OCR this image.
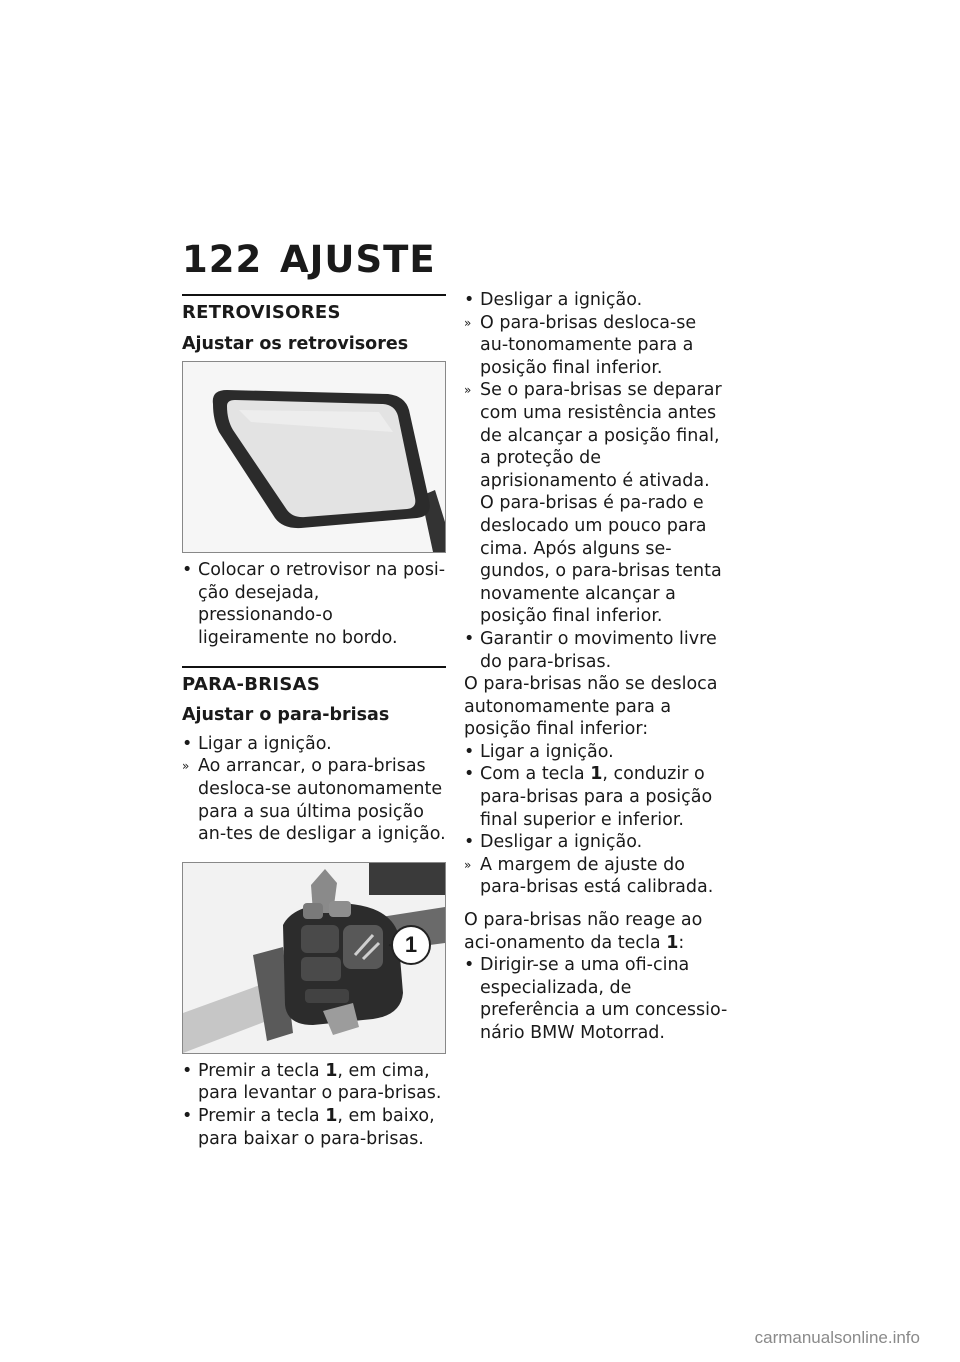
122 AJUSTE
RETROVISORES
Ajustar os retrovisores
• Colocar o retrovisor na posi-ção desejada, pressionando-o ligeiramente no bordo.
PARA-BRISAS
Ajustar o para-brisas
• Ligar a ignição.
» Ao arrancar, o para-brisas desloca-se autonomamente para a sua última posição an-tes de desligar a ignição.
1
• Premir a tecla 1, em cima, para levantar o para-brisas.
• Premir a tecla 1, em baixo, para baixar o para-brisas.
• Desligar a ignição.
» O para-brisas desloca-se au-tonomamente para a posição final inferior.
» Se o para-brisas se deparar com uma resistência antes de alcançar a posição final, a proteção de aprisionamento é ativada. O para-brisas é pa-rado e deslocado um pouco para cima. Após alguns se-gundos, o para-brisas tenta novamente alcançar a posição final inferior.
• Garantir o movimento livre do para-brisas.

O para-brisas não se desloca autonomamente para a posição final inferior:

• Ligar a ignição.
• Com a tecla 1, conduzir o para-brisas para a posição final superior e inferior.
• Desligar a ignição.
» A margem de ajuste do para-brisas está calibrada.

O para-brisas não reage ao aci-onamento da tecla 1:

• Dirigir-se a uma ofi-cina especializada, de preferência a um concessio-nário BMW Motorrad.
carmanualsonline.info
